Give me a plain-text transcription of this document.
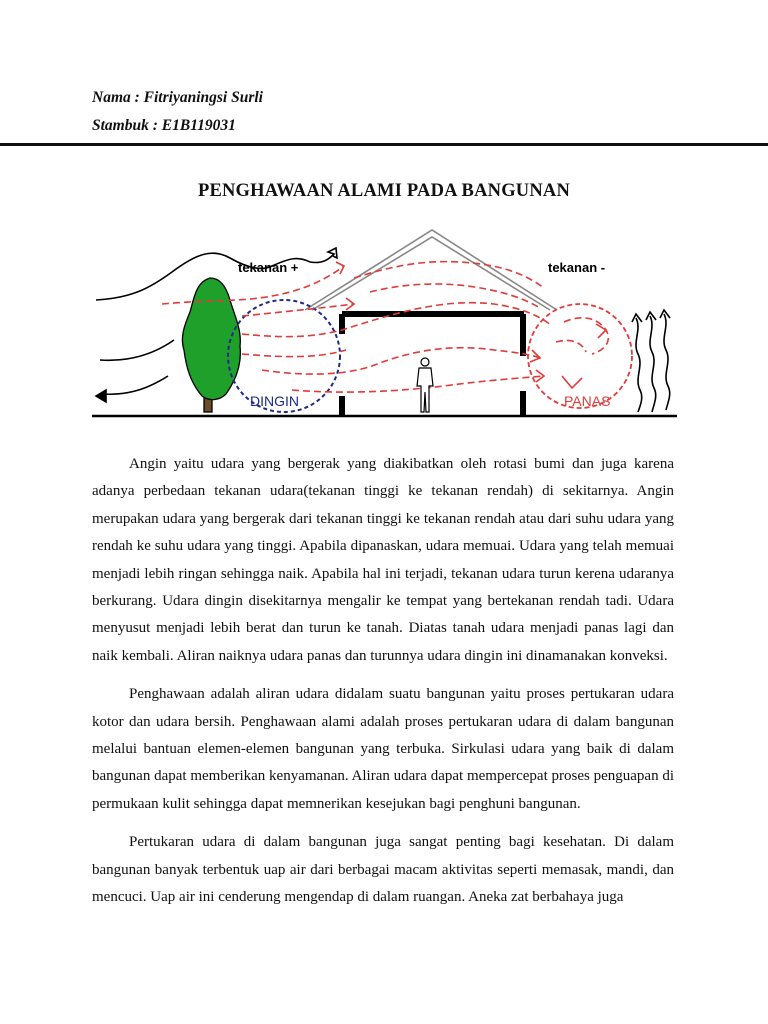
Nama : Fitriyaningsi Surli
Stambuk : E1B119031
PENGHAWAAN ALAMI PADA BANGUNAN
tekanan +	tekanan -
DINGIN	PANAS

Angin yaitu udara yang bergerak yang diakibatkan oleh rotasi bumi dan juga karena adanya perbedaan tekanan udara(tekanan tinggi ke tekanan rendah) di sekitarnya. Angin merupakan udara yang bergerak dari tekanan tinggi ke tekanan rendah atau dari suhu udara yang rendah ke suhu udara yang tinggi. Apabila dipanaskan, udara memuai. Udara yang telah memuai menjadi lebih ringan sehingga naik. Apabila hal ini terjadi, tekanan udara turun kerena udaranya berkurang. Udara dingin disekitarnya mengalir ke tempat yang bertekanan rendah tadi. Udara menyusut menjadi lebih berat dan turun ke tanah. Diatas tanah udara menjadi panas lagi dan naik kembali. Aliran naiknya udara panas dan turunnya udara dingin ini dinamanakan konveksi.

Penghawaan adalah aliran udara didalam suatu bangunan yaitu proses pertukaran udara kotor dan udara bersih. Penghawaan alami adalah proses pertukaran udara di dalam bangunan melalui bantuan elemen-elemen bangunan yang terbuka. Sirkulasi udara yang baik di dalam bangunan dapat memberikan kenyamanan. Aliran udara dapat mempercepat proses penguapan di permukaan kulit sehingga dapat memnerikan kesejukan bagi penghuni bangunan.

Pertukaran udara di dalam bangunan juga sangat penting bagi kesehatan. Di dalam bangunan banyak terbentuk uap air dari berbagai macam aktivitas seperti memasak, mandi, dan mencuci. Uap air ini cenderung mengendap di dalam ruangan. Aneka zat berbahaya juga
